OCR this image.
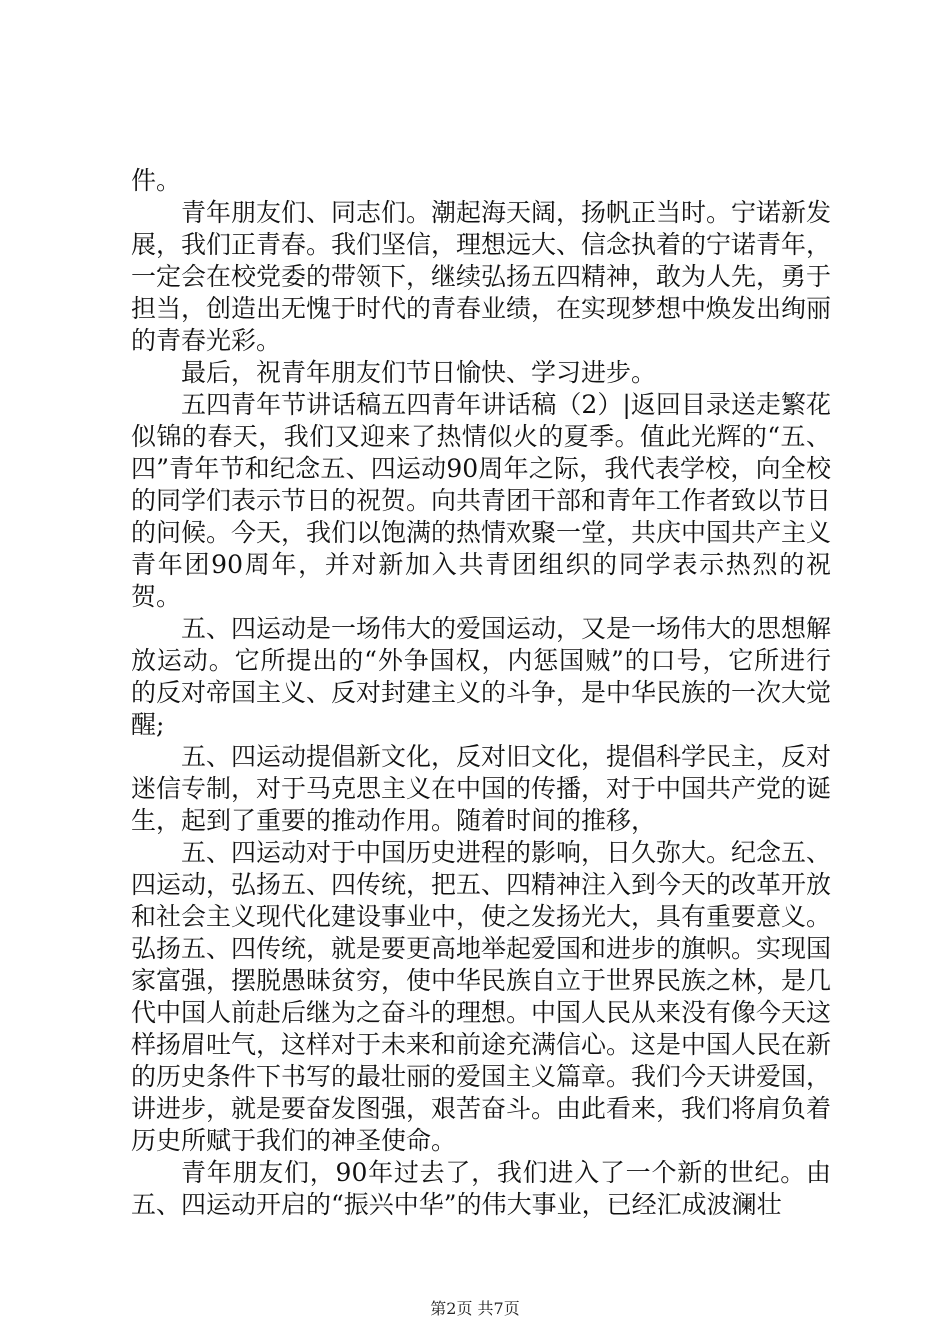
件。

青年朋友们、同志们。潮起海天阔，扬帆正当时。宁诺新发展，我们正青春。我们坚信，理想远大、信念执着的宁诺青年，一定会在校党委的带领下，继续弘扬五四精神，敢为人先，勇于担当，创造出无愧于时代的青春业绩，在实现梦想中焕发出绚丽的青春光彩。

最后，祝青年朋友们节日愉快、学习进步。

五四青年节讲话稿五四青年讲话稿（2）|返回目录送走繁花似锦的春天，我们又迎来了热情似火的夏季。值此光辉的“五、四”青年节和纪念五、四运动90周年之际，我代表学校，向全校的同学们表示节日的祝贺。向共青团干部和青年工作者致以节日的问候。今天，我们以饱满的热情欢聚一堂，共庆中国共产主义青年团90周年，并对新加入共青团组织的同学表示热烈的祝贺。

五、四运动是一场伟大的爱国运动，又是一场伟大的思想解放运动。它所提出的“外争国权，内惩国贼”的口号，它所进行的反对帝国主义、反对封建主义的斗争，是中华民族的一次大觉醒;

五、四运动提倡新文化，反对旧文化，提倡科学民主，反对迷信专制，对于马克思主义在中国的传播，对于中国共产党的诞生，起到了重要的推动作用。随着时间的推移，

五、四运动对于中国历史进程的影响，日久弥大。纪念五、四运动，弘扬五、四传统，把五、四精神注入到今天的改革开放和社会主义现代化建设事业中，使之发扬光大，具有重要意义。弘扬五、四传统，就是要更高地举起爱国和进步的旗帜。实现国家富强，摆脱愚昧贫穷，使中华民族自立于世界民族之林，是几代中国人前赴后继为之奋斗的理想。中国人民从来没有像今天这样扬眉吐气，这样对于未来和前途充满信心。这是中国人民在新的历史条件下书写的最壮丽的爱国主义篇章。我们今天讲爱国，讲进步，就是要奋发图强，艰苦奋斗。由此看来，我们将肩负着历史所赋于我们的神圣使命。

青年朋友们，90年过去了，我们进入了一个新的世纪。由五、四运动开启的“振兴中华”的伟大事业，已经汇成波澜壮

第2页 共7页
